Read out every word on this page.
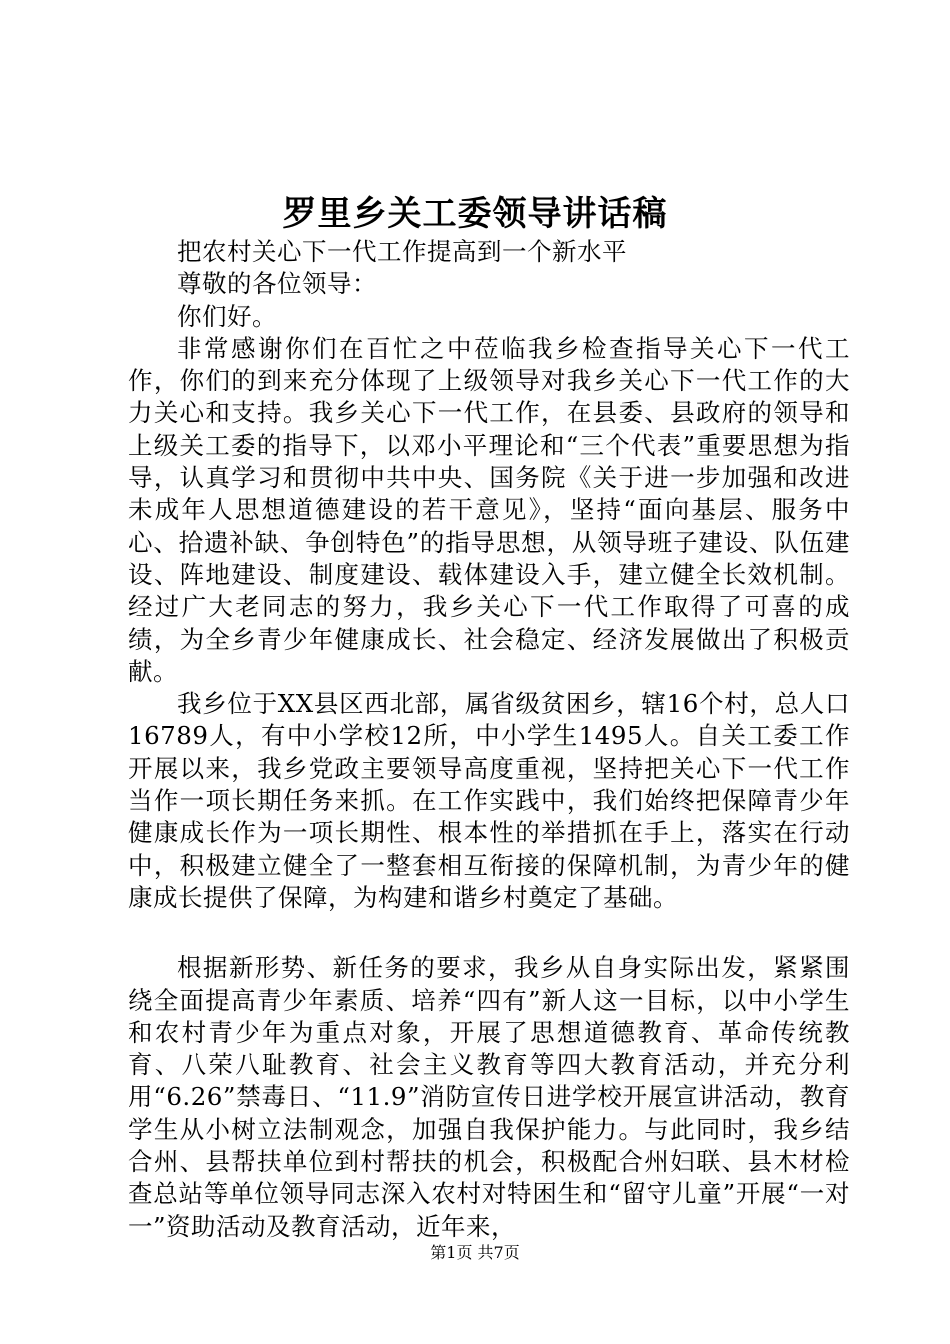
罗里乡关工委领导讲话稿

把农村关心下一代工作提高到一个新水平

尊敬的各位领导：

你们好。

非常感谢你们在百忙之中莅临我乡检查指导关心下一代工作，你们的到来充分体现了上级领导对我乡关心下一代工作的大力关心和支持。我乡关心下一代工作，在县委、县政府的领导和上级关工委的指导下，以邓小平理论和“三个代表”重要思想为指导，认真学习和贯彻中共中央、国务院《关于进一步加强和改进未成年人思想道德建设的若干意见》，坚持“面向基层、服务中心、拾遗补缺、争创特色”的指导思想，从领导班子建设、队伍建设、阵地建设、制度建设、载体建设入手，建立健全长效机制。经过广大老同志的努力，我乡关心下一代工作取得了可喜的成绩，为全乡青少年健康成长、社会稳定、经济发展做出了积极贡献。

我乡位于XX县区西北部，属省级贫困乡，辖16个村，总人口16789人，有中小学校12所，中小学生1495人。自关工委工作开展以来，我乡党政主要领导高度重视，坚持把关心下一代工作当作一项长期任务来抓。在工作实践中，我们始终把保障青少年健康成长作为一项长期性、根本性的举措抓在手上，落实在行动中，积极建立健全了一整套相互衔接的保障机制，为青少年的健康成长提供了保障，为构建和谐乡村奠定了基础。

根据新形势、新任务的要求，我乡从自身实际出发，紧紧围绕全面提高青少年素质、培养“四有”新人这一目标，以中小学生和农村青少年为重点对象，开展了思想道德教育、革命传统教育、八荣八耻教育、社会主义教育等四大教育活动，并充分利用“6.26”禁毒日、“11.9”消防宣传日进学校开展宣讲活动，教育学生从小树立法制观念，加强自我保护能力。与此同时，我乡结合州、县帮扶单位到村帮扶的机会，积极配合州妇联、县木材检查总站等单位领导同志深入农村对特困生和“留守儿童”开展“一对一”资助活动及教育活动，近年来，

第1页 共7页
